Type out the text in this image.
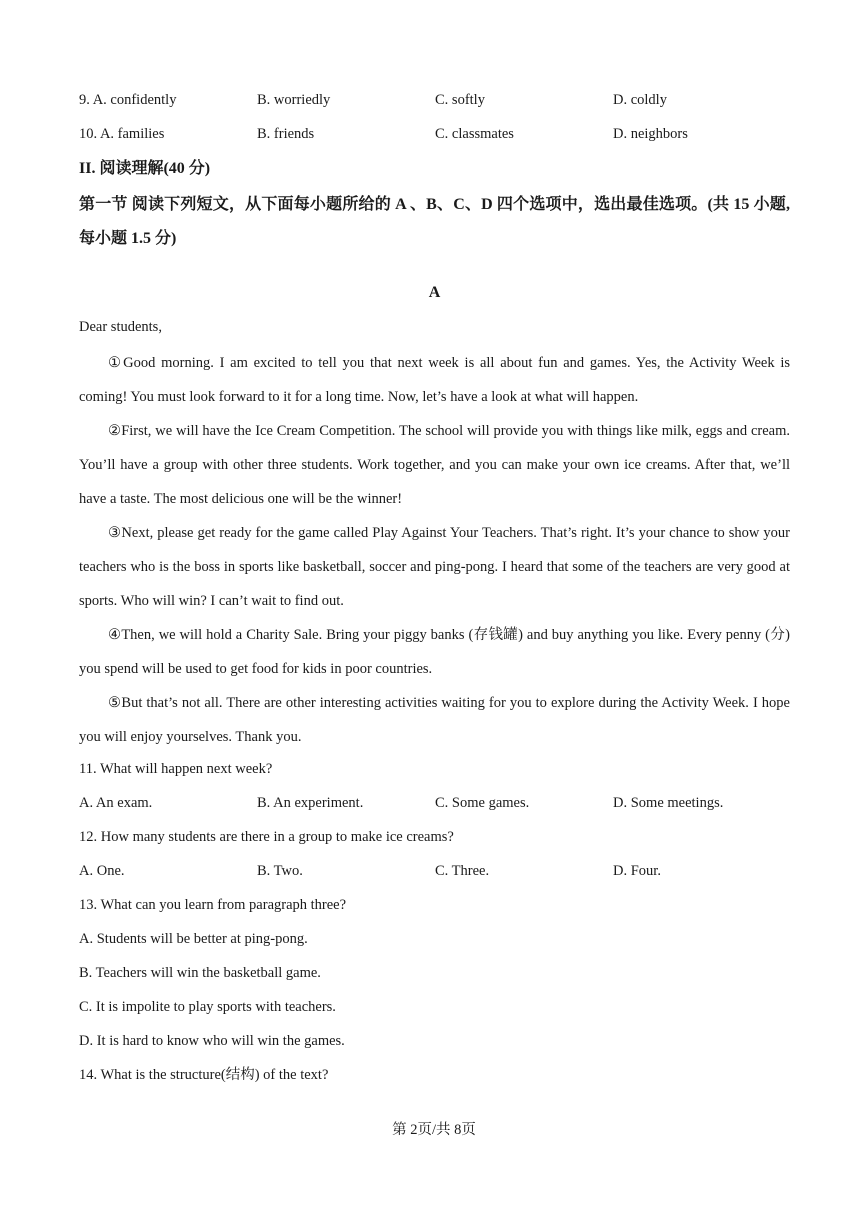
9. A. confidently	B. worriedly	C. softly	D. coldly
10. A. families	B. friends	C. classmates	D. neighbors
II. 阅读理解(40 分)
第一节 阅读下列短文，从下面每小题所给的 A 、B、C、D 四个选项中，选出最佳选项。(共 15 小题, 每小题 1.5 分)
A
Dear students,
①Good morning. I am excited to tell you that next week is all about fun and games. Yes, the Activity Week is coming! You must look forward to it for a long time. Now, let’s have a look at what will happen.
②First, we will have the Ice Cream Competition. The school will provide you with things like milk, eggs and cream. You’ll have a group with other three students. Work together, and you can make your own ice creams. After that, we’ll have a taste. The most delicious one will be the winner!
③Next, please get ready for the game called Play Against Your Teachers. That’s right. It’s your chance to show your teachers who is the boss in sports like basketball, soccer and ping-pong. I heard that some of the teachers are very good at sports. Who will win? I can’t wait to find out.
④Then, we will hold a Charity Sale. Bring your piggy banks (存钱罐) and buy anything you like. Every penny (分) you spend will be used to get food for kids in poor countries.
⑤But that’s not all. There are other interesting activities waiting for you to explore during the Activity Week. I hope you will enjoy yourselves. Thank you.
11. What will happen next week?
A. An exam.	B. An experiment.	C. Some games.	D. Some meetings.
12. How many students are there in a group to make ice creams?
A. One.	B. Two.	C. Three.	D. Four.
13. What can you learn from paragraph three?
A. Students will be better at ping-pong.
B. Teachers will win the basketball game.
C. It is impolite to play sports with teachers.
D. It is hard to know who will win the games.
14. What is the structure(结构) of the text?
第 2页/共 8页
